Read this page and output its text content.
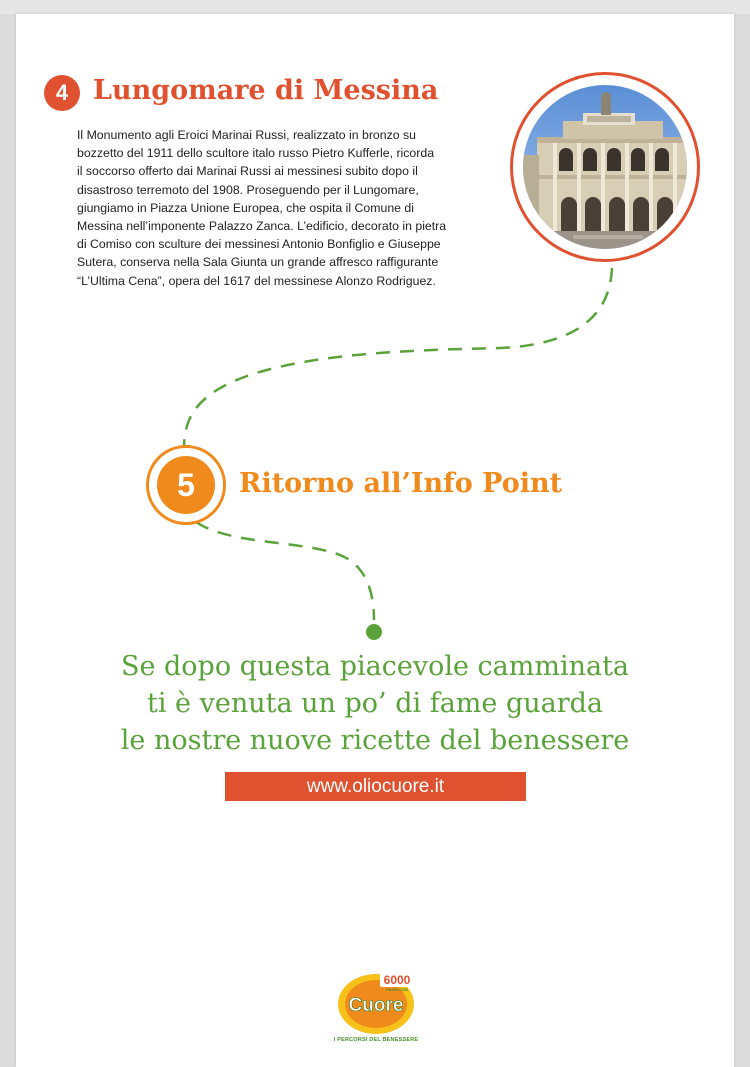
4 Lungomare di Messina
Il Monumento agli Eroici Marinai Russi, realizzato in bronzo su
bozzetto del 1911 dello scultore italo russo Pietro Kufferle, ricorda
il soccorso offerto dai Marinai Russi ai messinesi subito dopo il
disastroso terremoto del 1908. Proseguendo per il Lungomare,
giungiamo in Piazza Unione Europea, che ospita il Comune di
Messina nell’imponente Palazzo Zanca. L’edificio, decorato in pietra
di Comiso con sculture dei messinesi Antonio Bonfiglio e Giuseppe
Sutera, conserva nella Sala Giunta un grande affresco raffigurante
“L’Ultima Cena”, opera del 1617 del messinese Alonzo Rodriguez.
5	Ritorno all’Info Point
Se dopo questa piacevole camminata
ti è venuta un po’ di fame guarda
le nostre nuove ricette del benessere
www.oliocuore.it
6000
PASSI CON
Cuore
I PERCORSI DEL BENESSERE
